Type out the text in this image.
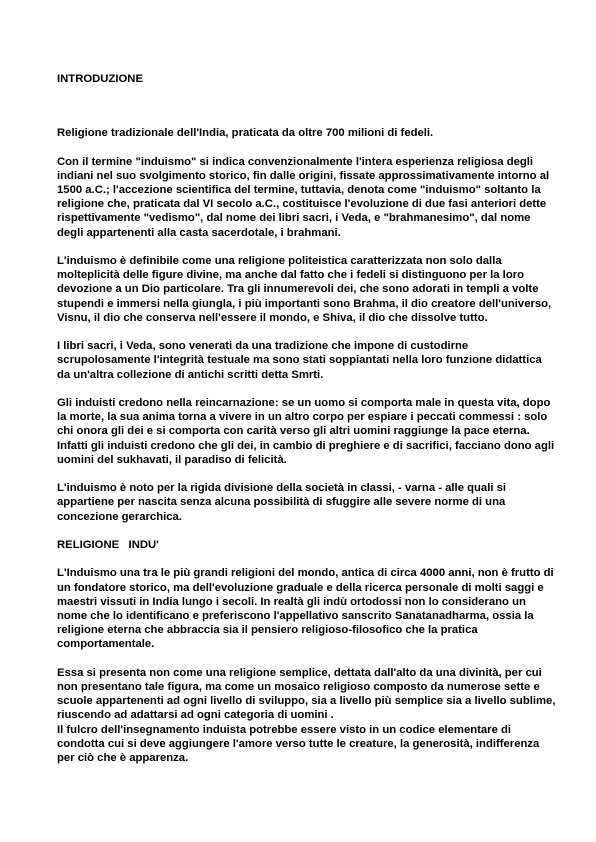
INTRODUZIONE

Religione tradizionale dell'India, praticata da oltre 700 milioni di fedeli.

Con il termine "induismo" si indica convenzionalmente l'intera esperienza religiosa degli indiani nel suo svolgimento storico, fin dalle origini, fissate approssimativamente intorno al 1500 a.C.; l'accezione scientifica del termine, tuttavia, denota come "induismo" soltanto la religione che, praticata dal VI secolo a.C., costituisce l'evoluzione di due fasi anteriori dette rispettivamente "vedismo", dal nome dei libri sacri, i Veda, e "brahmanesimo", dal nome degli appartenenti alla casta sacerdotale, i brahmani.

L'induismo è definibile come una religione politeistica caratterizzata non solo dalla molteplicità delle figure divine, ma anche dal fatto che i fedeli si distinguono per la loro devozione a un Dio particolare. Tra gli innumerevoli dei, che sono adorati in templi a volte stupendi e immersi nella giungla, i più importanti sono Brahma, il dio creatore dell'universo, Visnu, il dio che conserva nell'essere il mondo, e Shiva, il dio che dissolve tutto.

I libri sacri, i Veda, sono venerati da una tradizione che impone di custodirne scrupolosamente l'integrità testuale ma sono stati soppiantati nella loro funzione didattica da un'altra collezione di antichi scritti detta Smrti.

Gli induisti credono nella reincarnazione: se un uomo si comporta male in questa vita, dopo la morte, la sua anima torna a vivere in un altro corpo per espiare i peccati commessi : solo chi onora gli dei e si comporta con carità verso gli altri uomini raggiunge la pace eterna. Infatti gli induisti credono che gli dei, in cambio di preghiere e di sacrifici, facciano dono agli uomini del sukhavati, il paradiso di felicità.

L'induismo è noto per la rigida divisione della società in classi, - varna - alle quali si appartiene per nascita senza alcuna possibilità di sfuggire alle severe norme di una concezione gerarchica.

RELIGIONE   INDU'

L'Induismo una tra le più grandi religioni del mondo, antica di circa 4000 anni, non è frutto di un fondatore storico, ma dell'evoluzione graduale e della ricerca personale di molti saggi e maestri vissuti in India lungo i secoli. In realtà gli indù ortodossi non lo considerano un nome che lo identificano e preferiscono l'appellativo sanscrito Sanatanadharma, ossia la religione eterna che abbraccia sia il pensiero religioso-filosofico che la pratica comportamentale.

Essa si presenta non come una religione semplice, dettata dall'alto da una divinità, per cui non presentano tale figura, ma come un mosaico religioso composto da numerose sette e scuole appartenenti ad ogni livello di sviluppo, sia a livello più semplice sia a livello sublime, riuscendo ad adattarsi ad ogni categoria di uomini .
Il fulcro dell'insegnamento induista potrebbe essere visto in un codice elementare di condotta cui si deve aggiungere l'amore verso tutte le creature, la generosità, indifferenza per ciò che è apparenza.
